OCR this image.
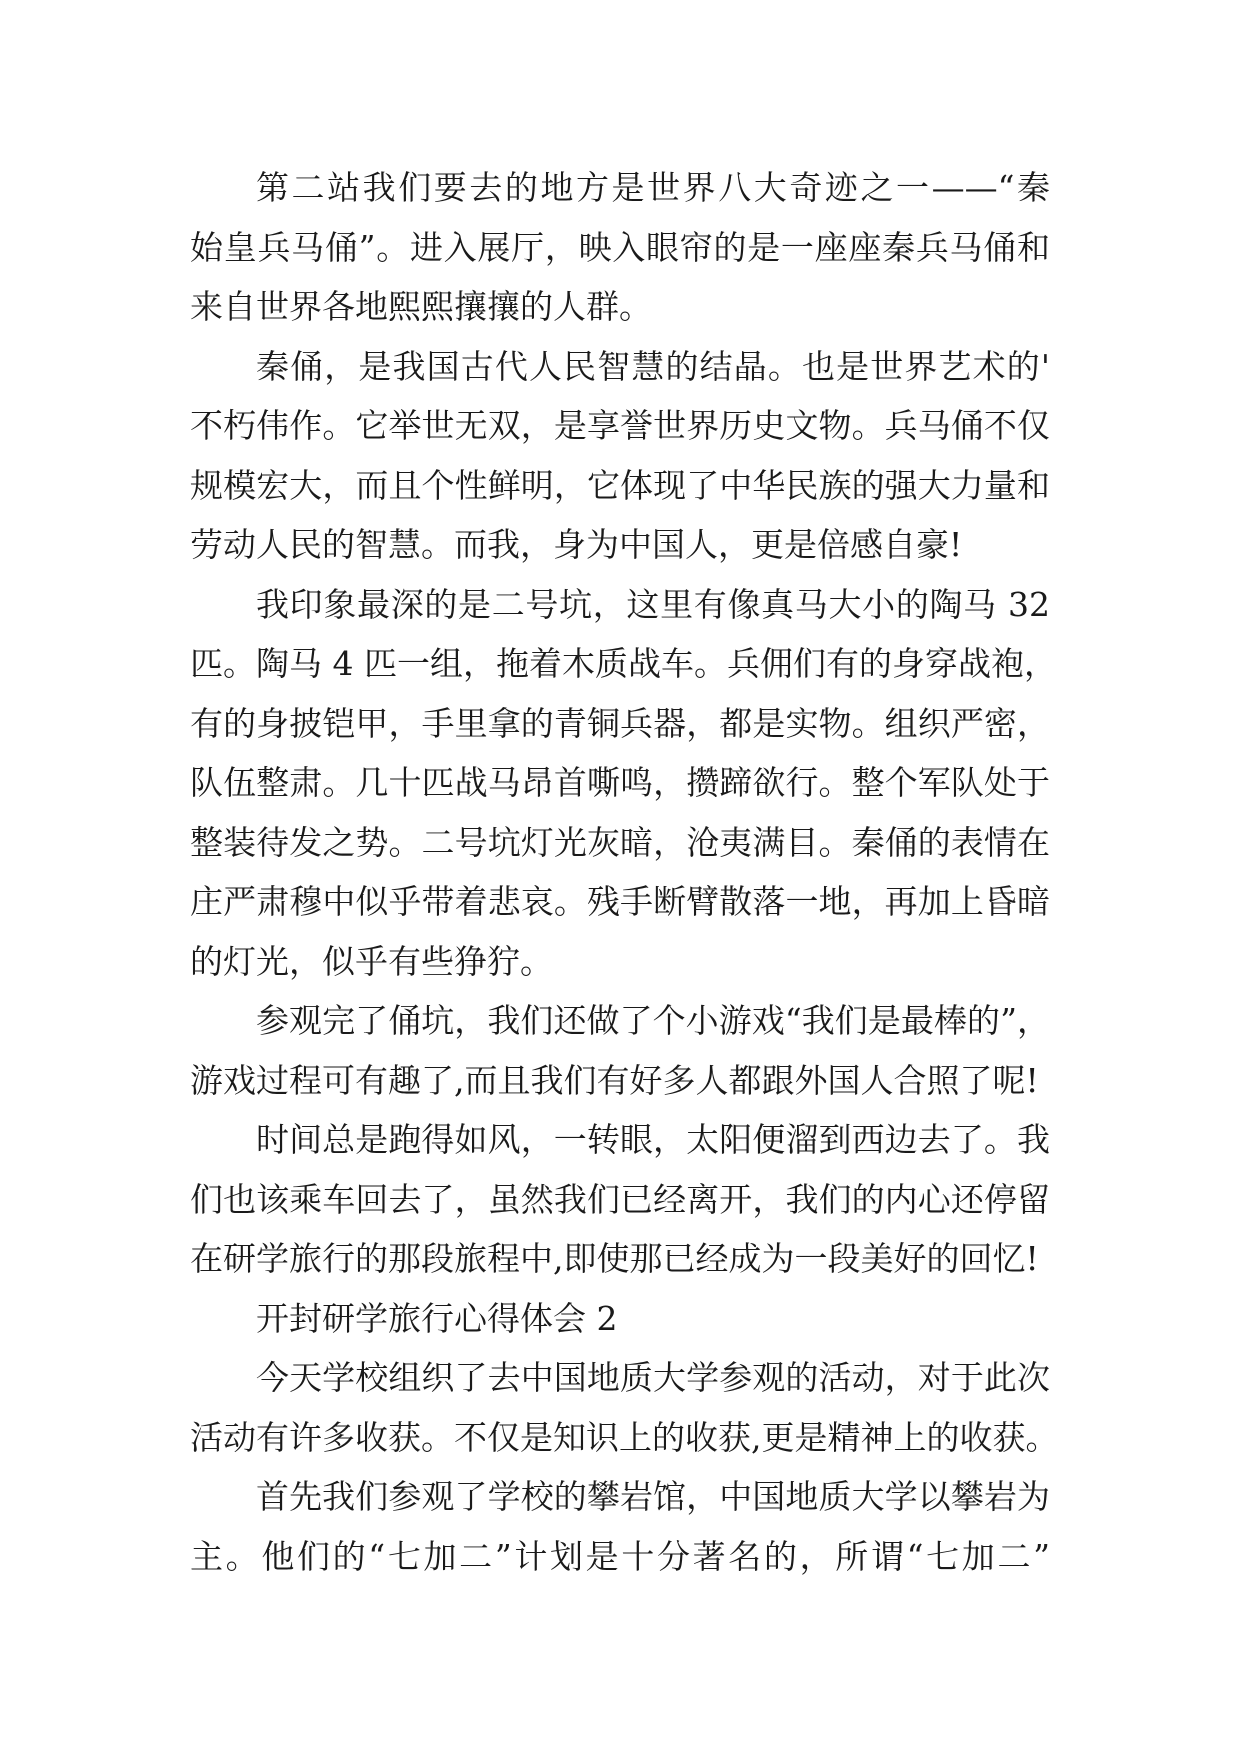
第二站我们要去的地方是世界八大奇迹之一——“秦
始皇兵马俑”。进入展厅，映入眼帘的是一座座秦兵马俑和
来自世界各地熙熙攘攘的人群。
秦俑，是我国古代人民智慧的结晶。也是世界艺术的'
不朽伟作。它举世无双，是享誉世界历史文物。兵马俑不仅
规模宏大，而且个性鲜明，它体现了中华民族的强大力量和
劳动人民的智慧。而我，身为中国人，更是倍感自豪!
我印象最深的是二号坑，这里有像真马大小的陶马 32
匹。陶马 4 匹一组，拖着木质战车。兵佣们有的身穿战袍，
有的身披铠甲，手里拿的青铜兵器，都是实物。组织严密，
队伍整肃。几十匹战马昂首嘶鸣，攒蹄欲行。整个军队处于
整装待发之势。二号坑灯光灰暗，沧夷满目。秦俑的表情在
庄严肃穆中似乎带着悲哀。残手断臂散落一地，再加上昏暗
的灯光，似乎有些狰狞。
参观完了俑坑，我们还做了个小游戏“我们是最棒的”，
游戏过程可有趣了,而且我们有好多人都跟外国人合照了呢!
时间总是跑得如风，一转眼，太阳便溜到西边去了。我
们也该乘车回去了，虽然我们已经离开，我们的内心还停留
在研学旅行的那段旅程中,即使那已经成为一段美好的回忆!
开封研学旅行心得体会 2
今天学校组织了去中国地质大学参观的活动，对于此次
活动有许多收获。不仅是知识上的收获,更是精神上的收获。
首先我们参观了学校的攀岩馆，中国地质大学以攀岩为
主。他们的“七加二”计划是十分著名的，所谓“七加二”
